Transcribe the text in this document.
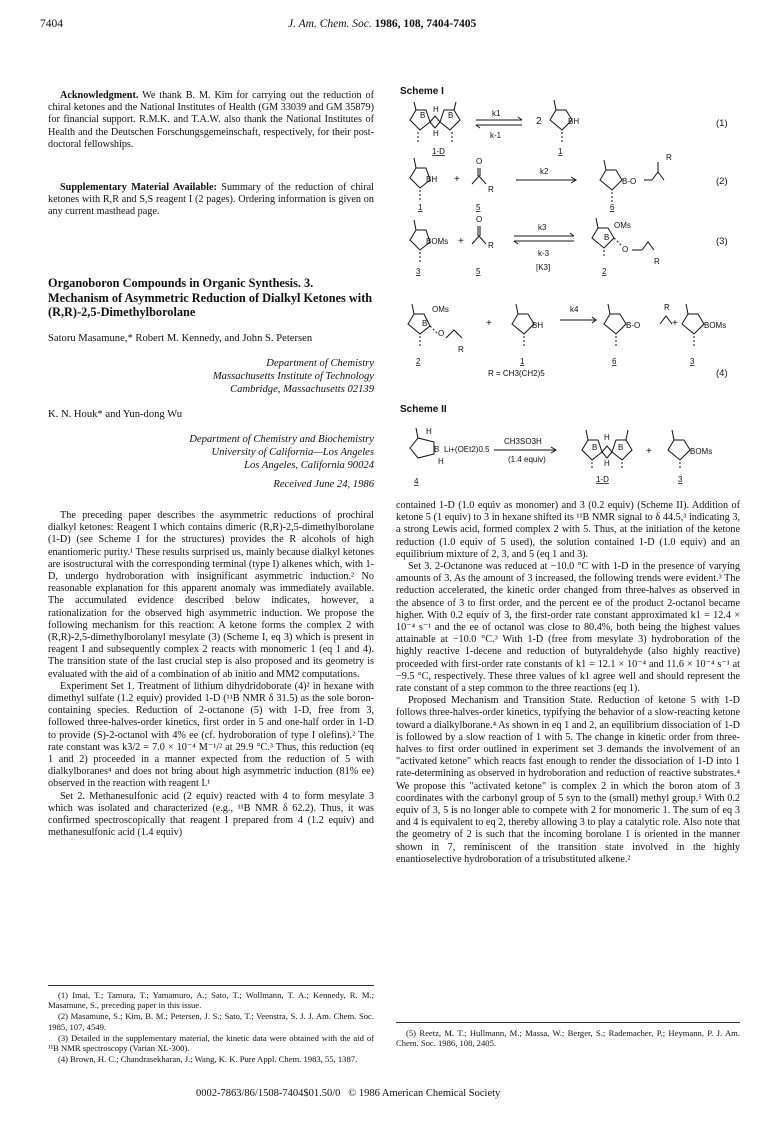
7404	J. Am. Chem. Soc. 1986, 108, 7404-7405

Acknowledgment. We thank B. M. Kim for carrying out the reduction of chiral ketones and the National Institutes of Health (GM 33039 and GM 35879) for financial support. R.M.K. and T.A.W. also thank the National Institutes of Health and the Deutschen Forschungsgemeinschaft, respectively, for their post-doctoral fellowships.

Supplementary Material Available: Summary of the reduction of chiral ketones with R,R and S,S reagent I (2 pages). Ordering information is given on any current masthead page.

Organoboron Compounds in Organic Synthesis. 3. Mechanism of Asymmetric Reduction of Dialkyl Ketones with (R,R)-2,5-Dimethylborolane
Satoru Masamune,* Robert M. Kennedy, and John S. Petersen
Department of Chemistry
Massachusetts Institute of Technology
Cambridge, Massachusetts 02139
K. N. Houk* and Yun-dong Wu
Department of Chemistry and Biochemistry
University of California—Los Angeles
Los Angeles, California 90024
Received June 24, 1986

The preceding paper describes the asymmetric reductions of prochiral dialkyl ketones: Reagent I which contains dimeric (R,R)-2,5-dimethylborolane (1-D) (see Scheme I for the structures) provides the R alcohols of high enantiomeric purity.¹ These results surprised us, mainly because dialkyl ketones are isostructural with the corresponding terminal (type I) alkenes which, with 1-D, undergo hydroboration with insignificant asymmetric induction.² No reasonable explanation for this apparent anomaly was immediately available. The accumulated evidence described below indicates, however, a rationalization for the observed high asymmetric induction. We propose the following mechanism for this reaction: A ketone forms the complex 2 with (R,R)-2,5-dimethylborolanyl mesylate (3) (Scheme I, eq 3) which is present in reagent I and subsequently complex 2 reacts with monomeric 1 (eq 1 and 4). The transition state of the last crucial step is also proposed and its geometry is evaluated with the aid of a combination of ab initio and MM2 computations.

Experiment Set 1. Treatment of lithium dihydridoborate (4)² in hexane with dimethyl sulfate (1.2 equiv) provided 1-D (¹¹B NMR δ 31.5) as the sole boron-containing species. Reduction of 2-octanone (5) with 1-D, free from 3, followed three-halves-order kinetics, first order in 5 and one-half order in 1-D to provide (S)-2-octanol with 4% ee (cf. hydroboration of type I olefins).² The rate constant was k3/2 = 7.0 × 10⁻⁴ M⁻¹/² at 29.9 °C.³ Thus, this reduction (eq 1 and 2) proceeded in a manner expected from the reduction of 5 with dialkylboranes⁴ and does not bring about high asymmetric induction (81% ee) observed in the reaction with reagent I.¹

Set 2. Methanesulfonic acid (2 equiv) reacted with 4 to form mesylate 3 which was isolated and characterized (e.g., ¹¹B NMR δ 62.2). Thus, it was confirmed spectroscopically that reagent I prepared from 4 (1.2 equiv) and methanesulfonic acid (1.4 equiv)

(1) Imai, T.; Tamura, T.; Yamamuro, A.; Sato, T.; Wollmann, T. A.; Kennedy, R. M.; Masamune, S., preceding paper in this issue.

(2) Masamune, S.; Kim, B. M.; Petersen, J. S.; Sato, T.; Veenstra, S. J. J. Am. Chem. Soc. 1985, 107, 4549.

(3) Detailed in the supplementary material, the kinetic data were obtained with the aid of ¹¹B NMR spectroscopy (Varian XL-300).

(4) Brown, H. C.; Chandrasekharan, J.; Wang, K. K. Pure Appl. Chem. 1983, 55, 1387.

Scheme I
B	B
H
H
1-D
k1
k-1
2	BH
1
(1)
BH +
O
R
1	5
k2
B-O
R
6
(2)
BOMs +
O
R
3	5
k3
k-3
[K3]
OMs
B
O
R
2
(3)
OMs
B
O
R
+	BH
k4
B-O
R
+	BOMs
2	1	6	3
R = CH3(CH2)5	(4)
Scheme II
H
B
H
Li+(OEt2)0.5
4
CH3SO3H
(1.4 equiv)
B	B
H
H
1-D
+	BOMs
3

contained 1-D (1.0 equiv as monomer) and 3 (0.2 equiv) (Scheme II). Addition of ketone 5 (1 equiv) to 3 in hexane shifted its ¹¹B NMR signal to δ 44.5,³ indicating 3, a strong Lewis acid, formed complex 2 with 5. Thus, at the initiation of the ketone reduction (1.0 equiv of 5 used), the solution contained 1-D (1.0 equiv) and an equilibrium mixture of 2, 3, and 5 (eq 1 and 3).

Set 3. 2-Octanone was reduced at −10.0 °C with 1-D in the presence of varying amounts of 3. As the amount of 3 increased, the following trends were evident.³ The reduction accelerated, the kinetic order changed from three-halves as observed in the absence of 3 to first order, and the percent ee of the product 2-octanol became higher. With 0.2 equiv of 3, the first-order rate constant approximated k1 = 12.4 × 10⁻⁴ s⁻¹ and the ee of octanol was close to 80.4%, both being the highest values attainable at −10.0 °C.³ With 1-D (free from mesylate 3) hydroboration of the highly reactive 1-decene and reduction of butyraldehyde (also highly reactive) proceeded with first-order rate constants of k1 = 12.1 × 10⁻⁴ and 11.6 × 10⁻⁴ s⁻¹ at −9.5 °C, respectively. These three values of k1 agree well and should represent the rate constant of a step common to the three reactions (eq 1).

Proposed Mechanism and Transition State. Reduction of ketone 5 with 1-D follows three-halves-order kinetics, typifying the behavior of a slow-reacting ketone toward a dialkylborane.⁴ As shown in eq 1 and 2, an equilibrium dissociation of 1-D is followed by a slow reaction of 1 with 5. The change in kinetic order from three-halves to first order outlined in experiment set 3 demands the involvement of an "activated ketone" which reacts fast enough to render the dissociation of 1-D into 1 rate-determining as observed in hydroboration and reduction of reactive substrates.⁴ We propose this "activated ketone" is complex 2 in which the boron atom of 3 coordinates with the carbonyl group of 5 syn to the (small) methyl group.⁵ With 0.2 equiv of 3, 5 is no longer able to compete with 2 for monomeric 1. The sum of eq 3 and 4 is equivalent to eq 2, thereby allowing 3 to play a catalytic role. Also note that the geometry of 2 is such that the incoming borolane 1 is oriented in the manner shown in 7, reminiscent of the transition state involved in the highly enantioselective hydroboration of a trisubstituted alkene.²

(5) Reetz, M. T.; Hullmann, M.; Massa, W.; Berger, S.; Rademacher, P.; Heymann, P. J. Am. Chem. Soc. 1986, 108, 2405.

0002-7863/86/1508-7404$01.50/0 © 1986 American Chemical Society
